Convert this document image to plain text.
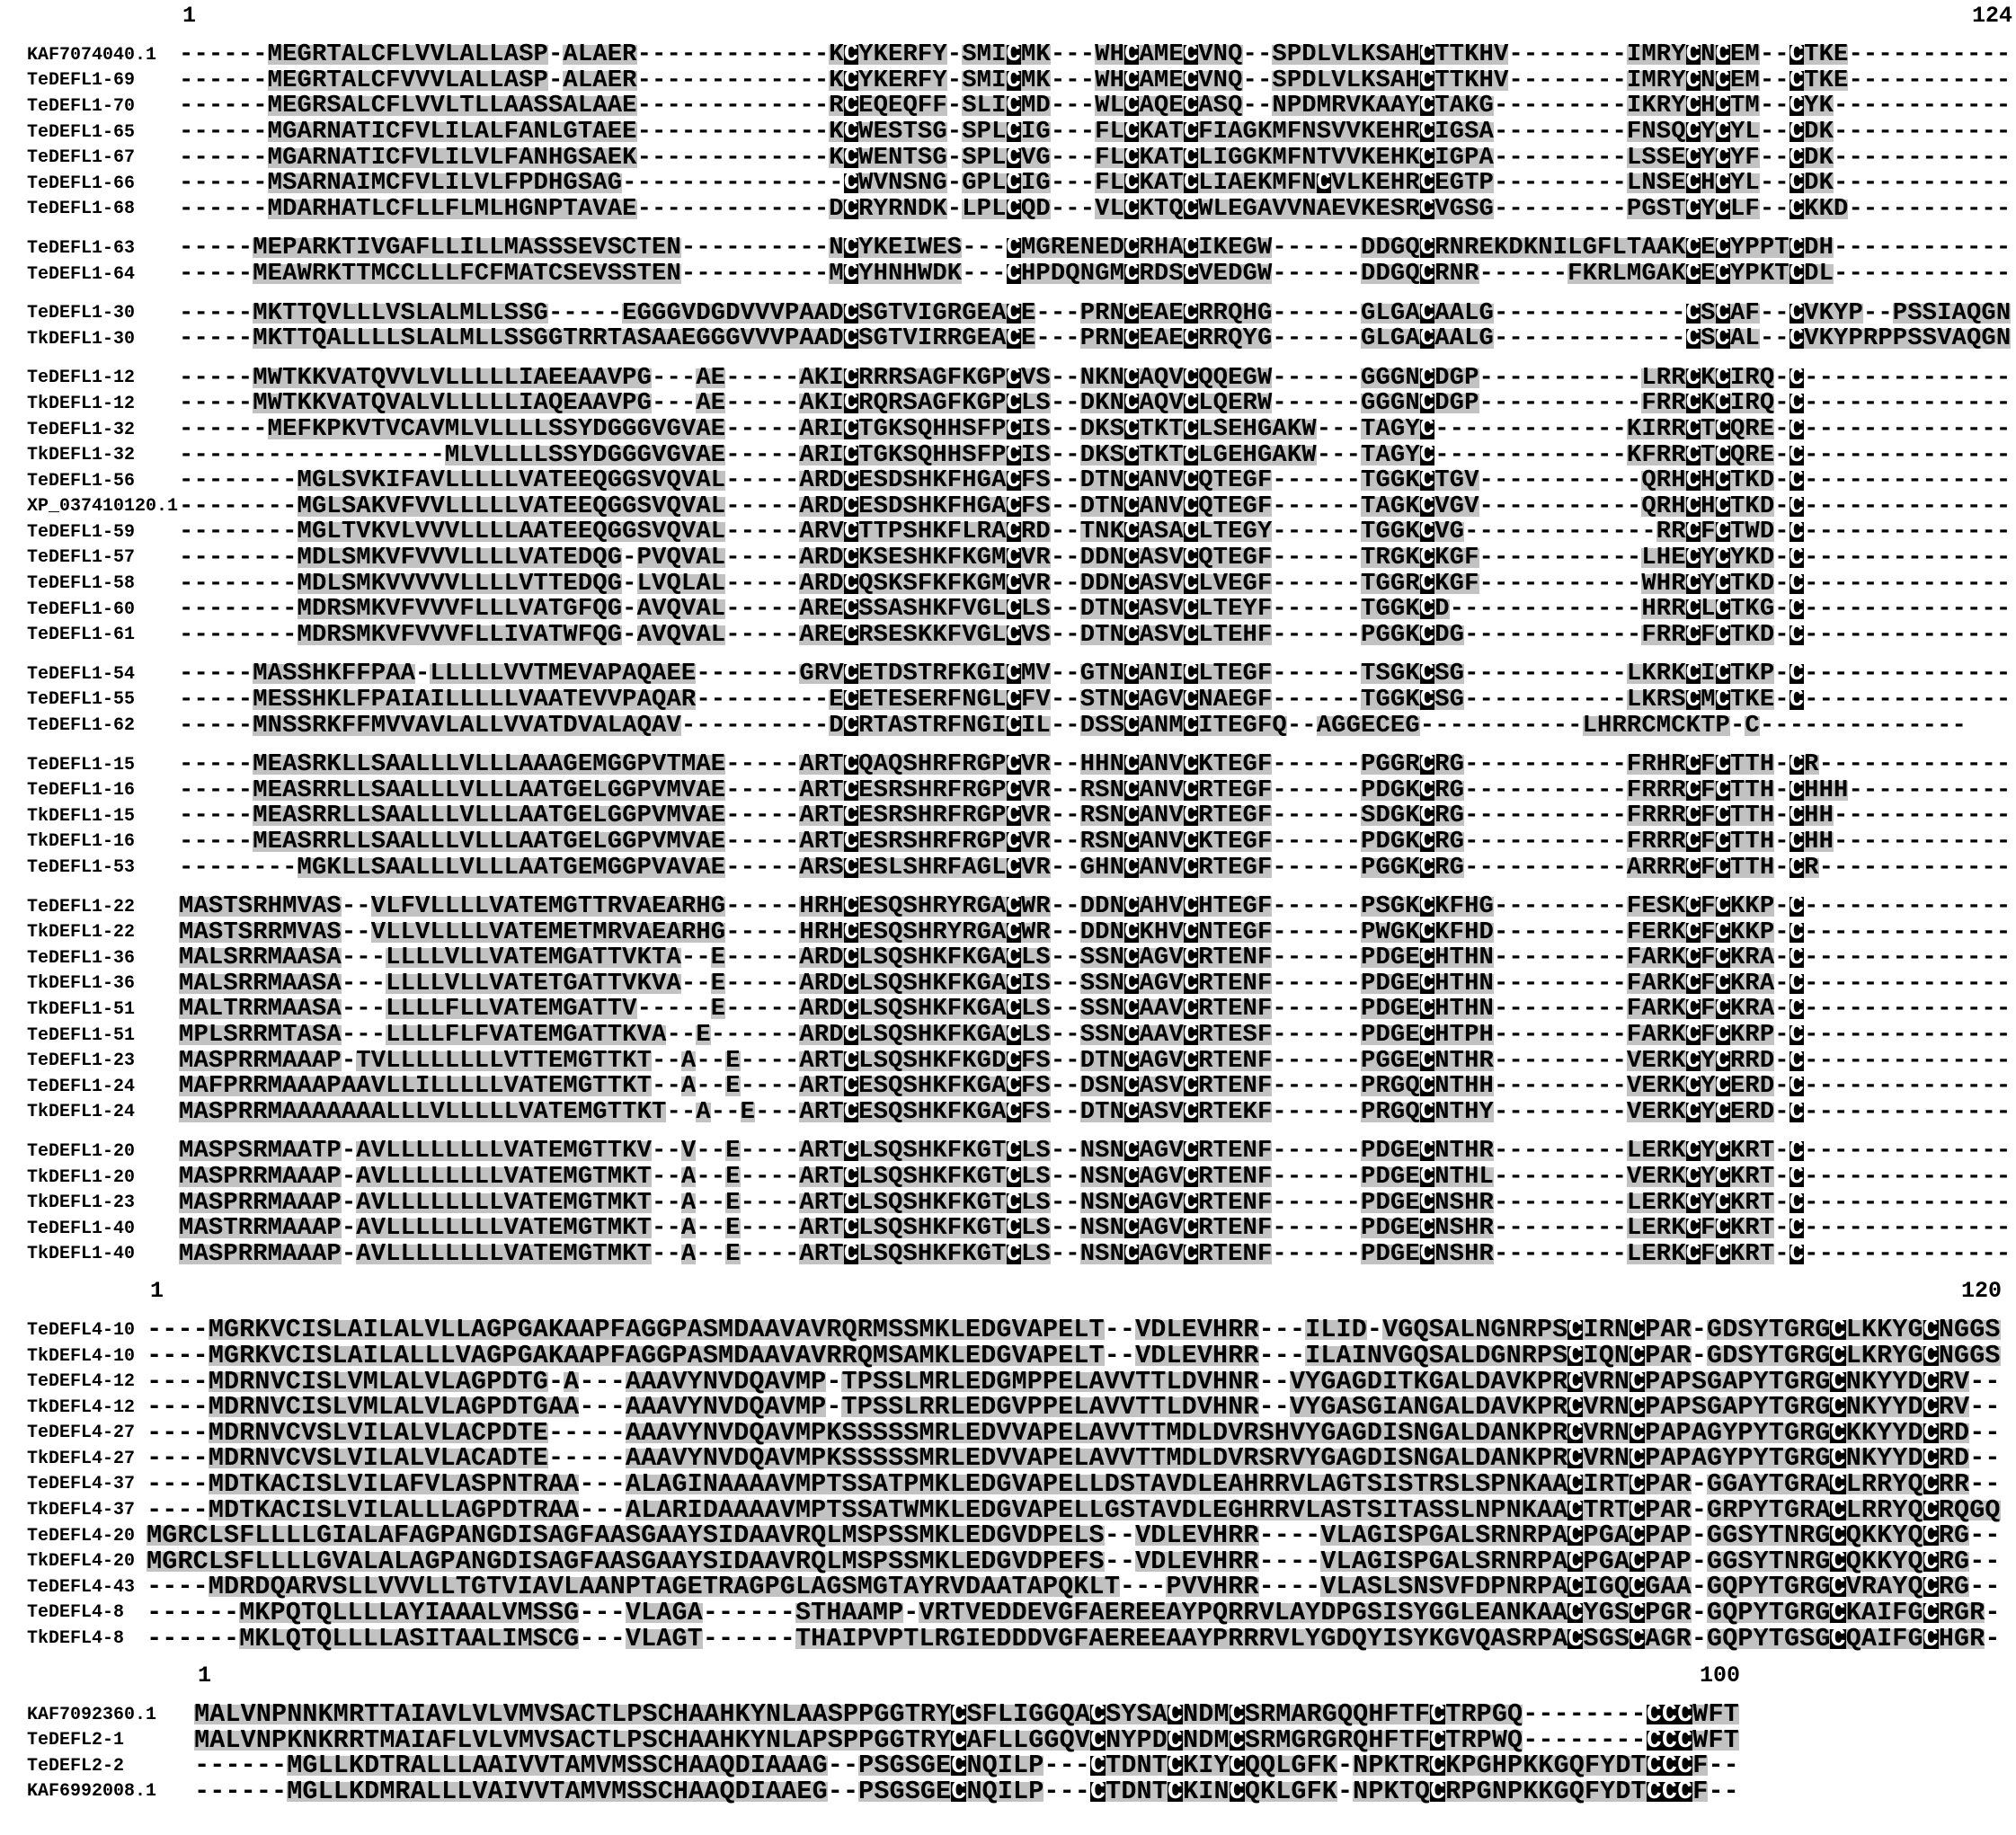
1	124
KAF7074040.1 ------MEGRTALCFLVVLALLASP-ALAER-------------KCYKERFY-SMICMK---WHCAMECVNQ--SPDLVLKSAHCTTKHV--------IMRYCNCEM--CTKE-----------
TeDEFL1-69	------MEGRTALCFVVVLALLASP-ALAER-------------KCYKERFY-SMICMK---WHCAMECVNQ--SPDLVLKSAHCTTKHV--------IMRYCNCEM--CTKE-----------
TeDEFL1-70	------MEGRSALCFLVVLTLLAASSALAAE-------------RCEQEQFF-SLICMD---WLCAQECASQ--NPDMRVKAAYCTAKG---------IKRYCHCTM--CYK------------
TeDEFL1-65	------MGARNATICFVLILALFANLGTAEE-------------KCWESTSG-SPLCIG---FLCKATCFIAGKMFNSVVKEHRCIGSA---------FNSQCYCYL--CDK------------
TeDEFL1-67	------MGARNATICFVLILVLFANHGSAEK-------------KCWENTSG-SPLCVG---FLCKATCLIGGKMFNTVVKEHKCIGPA---------LSSECYCYF--CDK------------
TeDEFL1-66	------MSARNAIMCFVLILVLFPDHGSAG---------------CWVNSNG-GPLCIG---FLCKATCLIAEKMFNCVLKEHRCEGTP---------LNSECHCYL--CDK------------
TeDEFL1-68	------MDARHATLCFLLFLMLHGNPTAVAE-------------DCRYRNDK-LPLCQD---VLCKTQCWLEGAVVNAEVKESRCVGSG---------PGSTCYCLF--CKKD-----------
TeDEFL1-63	-----MEPARKTIVGAFLLILLMASSSEVSCTEN----------NCYKEIWES---CMGRENEDCRHACIKEGW------DDGQCRNREKDKNILGFLTAAKCECYPPTCDH------------
TeDEFL1-64	-----MEAWRKTTMCCLLLFCFMATCSEVSSTEN----------MCYHNHWDK---CHPDQNGMCRDSCVEDGW------DDGQCRNR------FKRLMGAKCECYPKTCDL------------
TeDEFL1-30	-----MKTTQVLLLVSLALMLLSSG-----EGGGVDGDVVVPAADCSGTVIGRGEACE---PRNCEAECRRQHG------GLGACAALG-------------CSCAF--CVKYP--PSSIAQGN
TkDEFL1-30	-----MKTTQALLLLSLALMLLSSGGTRRTASAAEGGGVVVPAADCSGTVIRRGEACE---PRNCEAECRRQYG------GLGACAALG-------------CSCAL--CVKYPRPPSSVAQGN
TeDEFL1-12	-----MWTKKVATQVVLVLLLLLIAEEAAVPG---AE-----AKICRRRSAGFKGPCVS--NKNCAQVCQQEGW------GGGNCDGP-----------LRRCKCIRQ-C--------------
TkDEFL1-12	-----MWTKKVATQVALVLLLLLIAQEAAVPG---AE-----AKICRQRSAGFKGPCLS--DKNCAQVCLQERW------GGGNCDGP-----------FRRCKCIRQ-C--------------
TeDEFL1-32	------MEFKPKVTVCAVMLVLLLLSSYDGGGVGVAE-----ARICTGKSQHHSFPCIS--DKSCTKTCLSEHGAKW---TAGYC-------------KIRRCTCQRE-C--------------
TkDEFL1-32	------------------MLVLLLLSSYDGGGVGVAE-----ARICTGKSQHHSFPCIS--DKSCTKTCLGEHGAKW---TAGYC-------------KFRRCTCQRE-C--------------
TeDEFL1-56	--------MGLSVKIFAVLLLLLVATEEQGGSVQVAL-----ARDCESDSHKFHGACFS--DTNCANVCQTEGF------TGGKCTGV-----------QRHCHCTKD-C--------------
XP_037410120.1 --------MGLSAKVFVVLLLLLVATEEQGGSVQVAL-----ARDCESDSHKFHGACFS--DTNCANVCQTEGF------TAGKCVGV-----------QRHCHCTKD-C--------------
TeDEFL1-59	--------MGLTVKVLVVVLLLLAATEEQGGSVQVAL-----ARVCTTPSHKFLRACRD--TNKCASACLTEGY------TGGKCVG-------------RRCFCTWD-C--------------
TeDEFL1-57	--------MDLSMKVFVVVLLLLVATEDQG-PVQVAL-----ARDCKSESHKFKGMCVR--DDNCASVCQTEGF------TRGKCKGF-----------LHECYCYKD-C--------------
TeDEFL1-58	--------MDLSMKVVVVVLLLLVTTEDQG-LVQLAL-----ARDCQSKSFKFKGMCVR--DDNCASVCLVEGF------TGGRCKGF-----------WHRCYCTKD-C--------------
TeDEFL1-60	--------MDRSMKVFVVVFLLLVATGFQG-AVQVAL-----ARECSSASHKFVGLCLS--DTNCASVCLTEYF------TGGKCD-------------HRRCLCTKG-C--------------
TeDEFL1-61	--------MDRSMKVFVVVFLLIVATWFQG-AVQVAL-----ARECRSESKKFVGLCVS--DTNCASVCLTEHF------PGGKCDG------------FRRCFCTKD-C--------------
TeDEFL1-54	-----MASSHKFFPAA-LLLLLVVTMEVAPAQAEE-------GRVCETDSTRFKGICMV--GTNCANICLTEGF------TSGKCSG-----------LKRKCICTKP-C--------------
TeDEFL1-55	-----MESSHKLFPAIAILLLLLVAATEVVPAQAR---------ECETESERFNGLCFV--STNCAGVCNAEGF------TGGKCSG-----------LKRSCMCTKE-C--------------
TeDEFL1-62	-----MNSSRKFFMVVAVLALLVVATDVALAQAV----------DCRTASTRFNGICIL--DSSCANMCITEGFQ--AGGECEG-----------LHRRCMCKTP-C--------------
TeDEFL1-15	-----MEASRKLLSAALLLVLLLAAAGEMGGPVTMAE-----ARTCQAQSHRFRGPCVR--HHNCANVCKTEGF------PGGRCRG-----------FRHRCFCTTH-CR-------------
TeDEFL1-16	-----MEASRRLLSAALLLVLLLAATGELGGPVMVAE-----ARTCESRSHRFRGPCVR--RSNCANVCRTEGF------PDGKCRG-----------FRRRCFCTTH-CHHH-----------
TkDEFL1-15	-----MEASRRLLSAALLLVLLLAATGELGGPVMVAE-----ARTCESRSHRFRGPCVR--RSNCANVCRTEGF------SDGKCRG-----------FRRRCFCTTH-CHH------------
TkDEFL1-16	-----MEASRRLLSAALLLVLLLAATGELGGPVMVAE-----ARTCESRSHRFRGPCVR--RSNCANVCKTEGF------PDGKCRG-----------FRRRCFCTTH-CHH------------
TeDEFL1-53	--------MGKLLSAALLLVLLLAATGEMGGPVAVAE-----ARSCESLSHRFAGLCVR--GHNCANVCRTEGF------PGGKCRG-----------ARRRCFCTTH-CR-------------
TeDEFL1-22	MASTSRHMVAS--VLFVLLLLVATEMGTTRVAEARHG-----HRHCESQSHRYRGACWR--DDNCAHVCHTEGF------PSGKCKFHG---------FESKCFCKKP-C--------------
TkDEFL1-22	MASTSRRMVAS--VLLVLLLLVATEMETMRVAEARHG-----HRHCESQSHRYRGACWR--DDNCKHVCNTEGF------PWGKCKFHD---------FERKCFCKKP-C--------------
TeDEFL1-36	MALSRRMAASA---LLLLVLLVATEMGATTVKTA--E-----ARDCLSQSHKFKGACLS--SSNCAGVCRTENF------PDGECHTHN---------FARKCFCKRA-C--------------
TkDEFL1-36	MALSRRMAASA---LLLLVLLVATETGATTVKVA--E-----ARDCLSQSHKFKGACIS--SSNCAGVCRTENF------PDGECHTHN---------FARKCFCKRA-C--------------
TkDEFL1-51	MALTRRMAASA---LLLLFLLVATEMGATTV-----E-----ARDCLSQSHKFKGACLS--SSNCAAVCRTENF------PDGECHTHN---------FARKCFCKRA-C--------------
TeDEFL1-51	MPLSRRMTASA---LLLLFLFVATEMGATTKVA--E------ARDCLSQSHKFKGACLS--SSNCAAVCRTESF------PDGECHTPH---------FARKCFCKRP-C--------------
TeDEFL1-23	MASPRRMAAAP-TVLLLLLLLLVTTEMGTTKT--A--E----ARTCLSQSHKFKGDCFS--DTNCAGVCRTENF------PGGECNTHR---------VERKCYCRRD-C--------------
TeDEFL1-24	MAFPRRMAAAPAAVLLILLLLLVATEMGTTKT--A--E----ARTCESQSHKFKGACFS--DSNCASVCRTENF------PRGQCNTHH---------VERKCYCERD-C--------------
TkDEFL1-24	MASPRRMAAAAAAALLLVLLLLLVATEMGTTKT--A--E---ARTCESQSHKFKGACFS--DTNCASVCRTEKF------PRGQCNTHY---------VERKCYCERD-C--------------
TeDEFL1-20	MASPSRMAATP-AVLLLLLLLLVATEMGTTKV--V--E----ARTCLSQSHKFKGTCLS--NSNCAGVCRTENF------PDGECNTHR---------LERKCYCKRT-C--------------
TkDEFL1-20	MASPRRMAAAP-AVLLLLLLLLVATEMGTMKT--A--E----ARTCLSQSHKFKGTCLS--NSNCAGVCRTENF------PDGECNTHL---------VERKCYCKRT-C--------------
TkDEFL1-23	MASPRRMAAAP-AVLLLLLLLLVATEMGTMKT--A--E----ARTCLSQSHKFKGTCLS--NSNCAGVCRTENF------PDGECNSHR---------LERKCYCKRT-C--------------
TeDEFL1-40	MASTRRMAAAP-AVLLLLLLLLVATEMGTMKT--A--E----ARTCLSQSHKFKGTCLS--NSNCAGVCRTENF------PDGECNSHR---------LERKCFCKRT-C--------------
TkDEFL1-40	MASPRRMAAAP-AVLLLLLLLLVATEMGTMKT--A--E----ARTCLSQSHKFKGTCLS--NSNCAGVCRTENF------PDGECNSHR---------LERKCFCKRT-C--------------
1	120
TeDEFL4-10 ----MGRKVCISLAILALVLLAGPGAKAAPFAGGPASMDAAVAVRQRMSSMKLEDGVAPELT--VDLEVHRR---ILID-VGQSALNGNRPSCIRNCPAR-GDSYTGRGCLKKYGCNGGS
TkDEFL4-10 ----MGRKVCISLAILALLLVAGPGAKAAPFAGGPASMDAAVAVRRQMSAMKLEDGVAPELT--VDLEVHRR---ILAINVGQSALDGNRPSCIQNCPAR-GDSYTGRGCLKRYGCNGGS
TeDEFL4-12 ----MDRNVCISLVMLALVLAGPDTG-A---AAAVYNVDQAVMP-TPSSLMRLEDGMPPELAVVTTLDVHNR--VYGAGDITKGALDAVKPRCVRNCPAPSGAPYTGRGCNKYYDCRV--
TkDEFL4-12 ----MDRNVCISLVMLALVLAGPDTGAA---AAAVYNVDQAVMP-TPSSLRRLEDGVPPELAVVTTLDVHNR--VYGASGIANGALDAVKPRCVRNCPAPSGAPYTGRGCNKYYDCRV--
TeDEFL4-27 ----MDRNVCVSLVILALVLACPDTE-----AAAVYNVDQAVMPKSSSSSMRLEDVVAPELAVVTTMDLDVRSHVYGAGDISNGALDANKPRCVRNCPAPAGYPYTGRGCKKYYDCRD--
TkDEFL4-27 ----MDRNVCVSLVILALVLACADTE-----AAAVYNVDQAVMPKSSSSSMRLEDVVAPELAVVTTMDLDVRSRVYGAGDISNGALDANKPRCVRNCPAPAGYPYTGRGCNKYYDCRD--
TeDEFL4-37 ----MDTKACISLVILAFVLASPNTRAA---ALAGINAAAAVMPTSSATPMKLEDGVAPELLDSTAVDLEAHRRVLAGTSISTRSLSPNKAACIRTCPAR-GGAYTGRACLRRYQCRR--
TkDEFL4-37 ----MDTKACISLVILALLLAGPDTRAA---ALARIDAAAAVMPTSSATWMKLEDGVAPELLGSTAVDLEGHRRVLASTSITASSLNPNKAACTRTCPAR-GRPYTGRACLRRYQCRQGQ
TeDEFL4-20 MGRCLSFLLLLGIALAFAGPANGDISAGFAASGAAYSIDAAVRQLMSPSSMKLEDGVDPELS--VDLEVHRR----VLAGISPGALSRNRPACPGACPAP-GGSYTNRGCQKKYQCRG--
TkDEFL4-20 MGRCLSFLLLLGVALALAGPANGDISAGFAASGAAYSIDAAVRQLMSPSSMKLEDGVDPEFS--VDLEVHRR----VLAGISPGALSRNRPACPGACPAP-GGSYTNRGCQKKYQCRG--
TeDEFL4-43 ----MDRDQARVSLLVVVLLTGTVIAVLAANPTAGETRAGPGLAGSMGTAYRVDAATAPQKLT---PVVHRR----VLASLSNSVFDPNRPACIGQCGAA-GQPYTGRGCVRAYQCRG--
TeDEFL4-8 ------MKPQTQLLLLAYIAAALVMSSG---VLAGA------STHAAMP-VRTVEDDEVGFAEREEAYPQRRVLAYDPGSISYGGLEANKAACYGSCPGR-GQPYTGRGCKAIFGCRGR-
TkDEFL4-8 ------MKLQTQLLLLASITAALIMSCG---VLAGT------THAIPVPTLRGIEDDDVGFAEREEAAYPRRRVLYGDQYISYKGVQASRPACSGSCAGR-GQPYTGSGCQAIFGCHGR-
1	100
KAF7092360.1	MALVNPNNKMRTTAIAVLVLVMVSACTLPSCHAAHKYNLAASPPGGTRYCSFLIGGQACSYSACNDMCSRMARGQQHFTFCTRPGQ--------CCCWFT
TeDEFL2-1	MALVNPKNKRRTMAIAFLVLVMVSACTLPSCHAAHKYNLAPSPPGGTRYCAFLLGGQVCNYPDCNDMCSRMGRGRQHFTFCTRPWQ--------CCCWFT
TeDEFL2-2	------MGLLKDTRALLLAAIVVTAMVMSSCHAAQDIAAAG--PSGSGECNQILP---CTDNTCKIYCQQLGFK-NPKTRCKPGHPKKGQFYDTCCCF--
KAF6992008.1	------MGLLKDMRALLLVAIVVTAMVMSSCHAAQDIAAEG--PSGSGECNQILP---CTDNTCKINCQKLGFK-NPKTQCRPGNPKKGQFYDTCCCF--
